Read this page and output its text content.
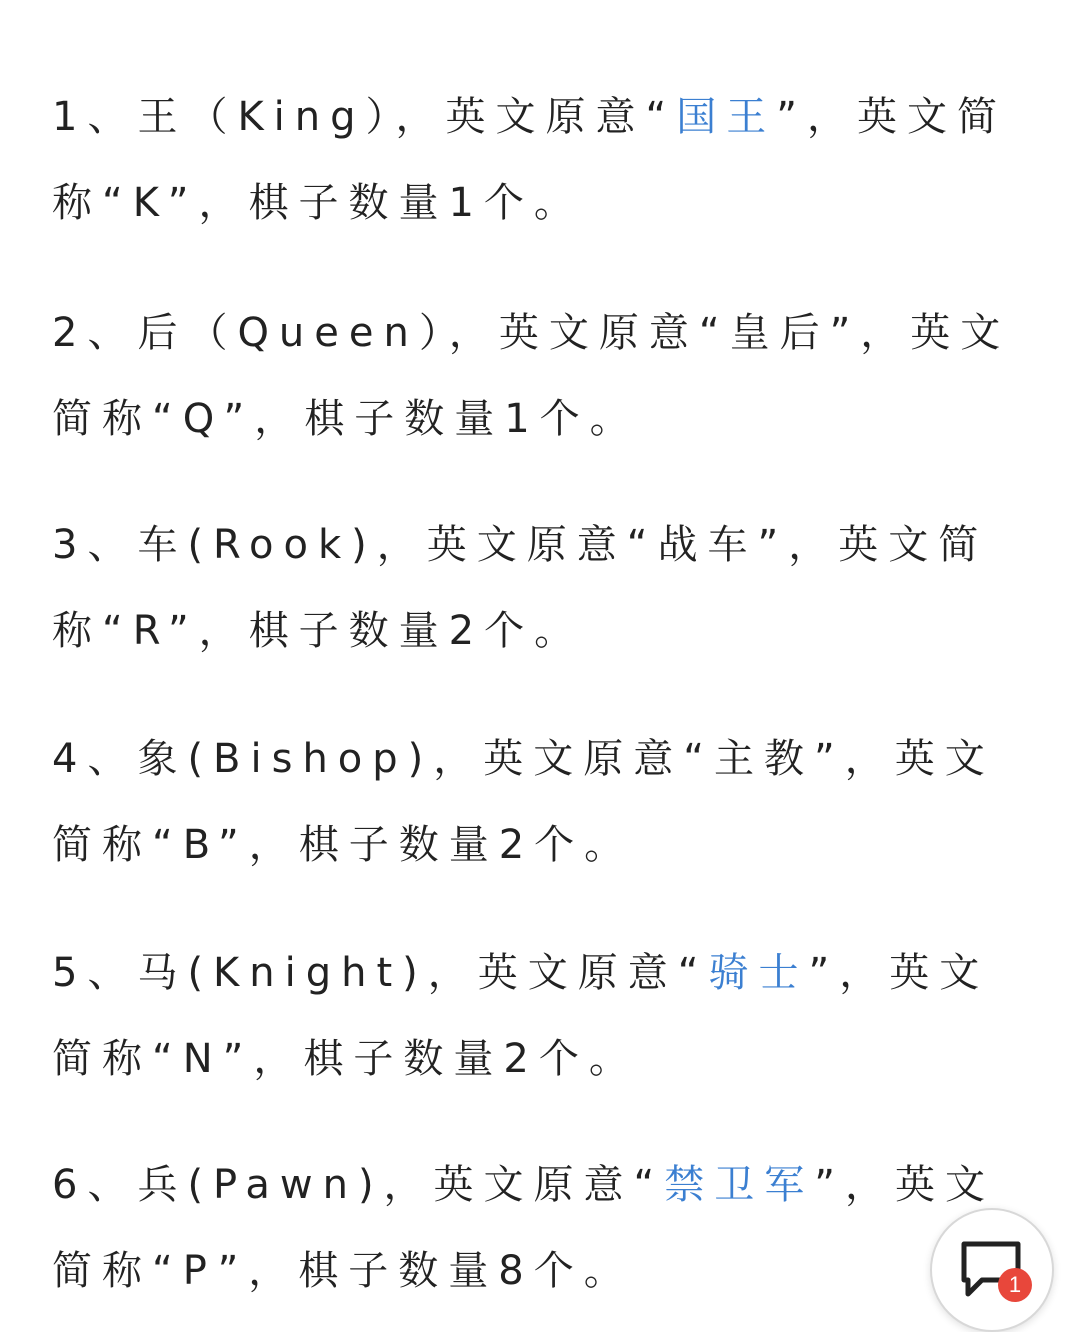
1、王（King），英文原意“国王”，英文简称“K”，棋子数量1个。

2、后（Queen），英文原意“皇后”，英文简称“Q”，棋子数量1个。

3、车(Rook)，英文原意“战车”，英文简称“R”，棋子数量2个。

4、象(Bishop)，英文原意“主教”，英文简称“B”，棋子数量2个。

5、马(Knight)，英文原意“骑士”，英文简称“N”，棋子数量2个。

6、兵(Pawn)，英文原意“禁卫军”，英文简称“P”，棋子数量8个。	1
